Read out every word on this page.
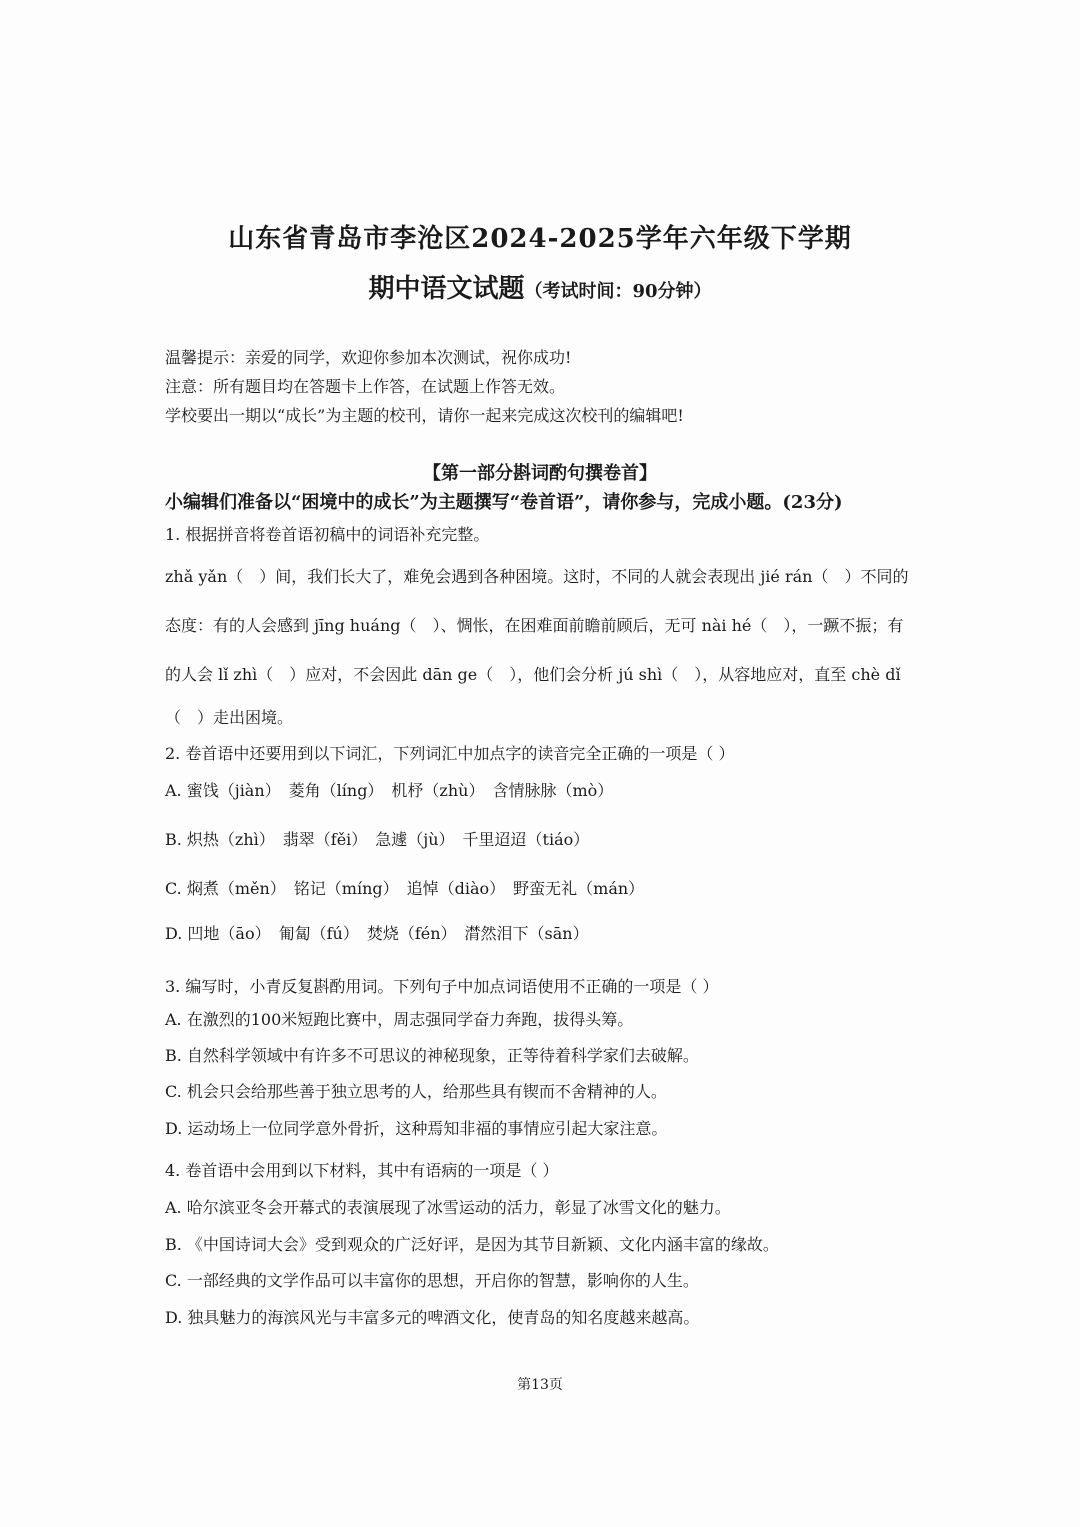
山东省青岛市李沧区2024-2025学年六年级下学期
期中语文试题（考试时间：90分钟）
温馨提示：亲爱的同学，欢迎你参加本次测试，祝你成功!
注意：所有题目均在答题卡上作答，在试题上作答无效。
学校要出一期以“成长”为主题的校刊，请你一起来完成这次校刊的编辑吧!
【第一部分斟词酌句撰卷首】
小编辑们准备以“困境中的成长”为主题撰写“卷首语”，请你参与，完成小题。(23分)
1. 根据拼音将卷首语初稿中的词语补充完整。
zhǎ yǎn（　）间，我们长大了，难免会遇到各种困境。这时，不同的人就会表现出 jié rán（　）不同的
态度：有的人会感到 jīng huáng（　）、惆怅，在困难面前瞻前顾后，无可 nài hé（　），一蹶不振；有
的人会 lǐ zhì（　）应对，不会因此 dān ge（　），他们会分析 jú shì（　），从容地应对，直至 chè dǐ
（　）走出困境。
2. 卷首语中还要用到以下词汇，下列词汇中加点字的读音完全正确的一项是（ ）
A. 蜜饯（jiàn）　菱角（líng）　机杼（zhù）　含情脉脉（mò）
B. 炽热（zhì）　翡翠（fěi）　急遽（jù）　千里迢迢（tiáo）
C. 焖煮（měn）　铭记（míng）　追悼（diào）　野蛮无礼（mán）
D. 凹地（āo）　匍匐（fú）　焚烧（fén）　潸然泪下（sān）
3. 编写时，小青反复斟酌用词。下列句子中加点词语使用不正确的一项是（ ）
A. 在激烈的100米短跑比赛中，周志强同学奋力奔跑，拔得头筹。
B. 自然科学领域中有许多不可思议的神秘现象，正等待着科学家们去破解。
C. 机会只会给那些善于独立思考的人，给那些具有锲而不舍精神的人。
D. 运动场上一位同学意外骨折，这种焉知非福的事情应引起大家注意。
4. 卷首语中会用到以下材料，其中有语病的一项是（ ）
A. 哈尔滨亚冬会开幕式的表演展现了冰雪运动的活力，彰显了冰雪文化的魅力。
B. 《中国诗词大会》受到观众的广泛好评，是因为其节目新颖、文化内涵丰富的缘故。
C. 一部经典的文学作品可以丰富你的思想，开启你的智慧，影响你的人生。
D. 独具魅力的海滨风光与丰富多元的啤酒文化，使青岛的知名度越来越高。
第13页
